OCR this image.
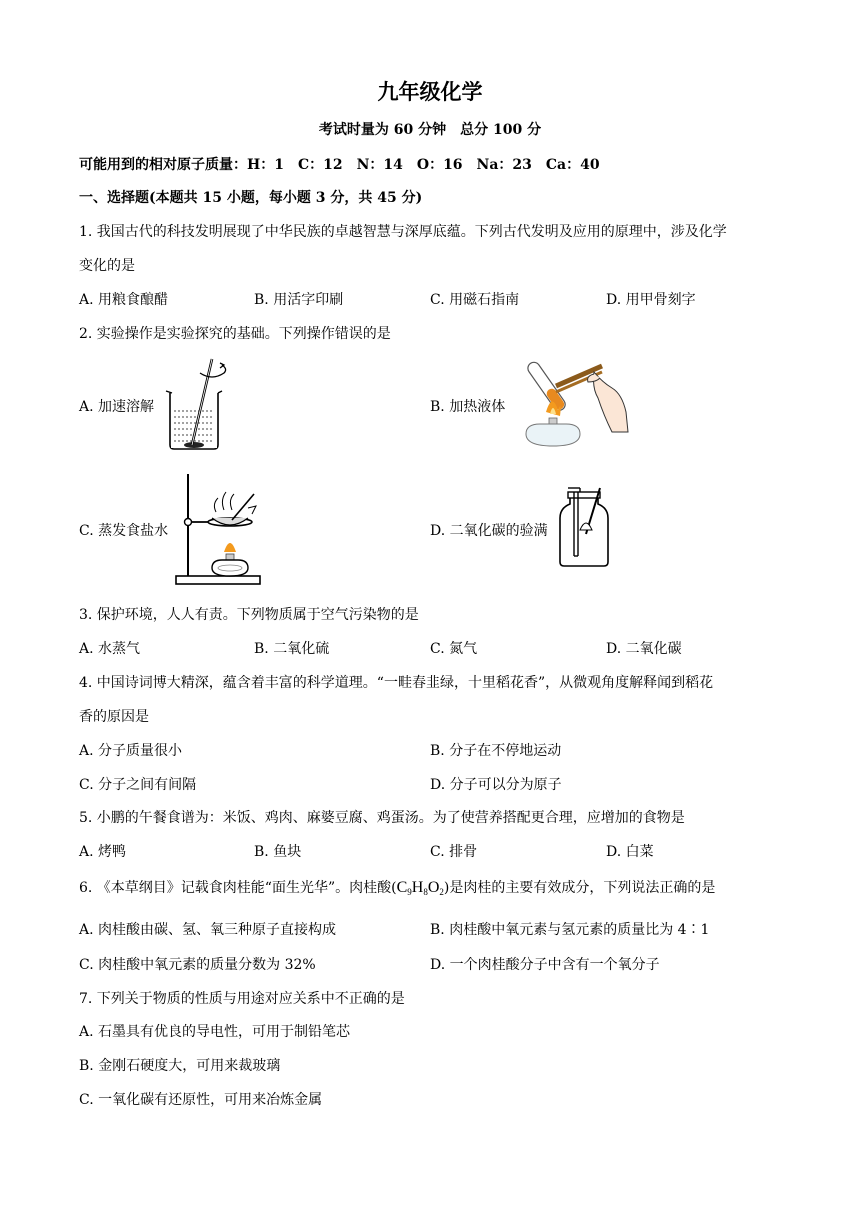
九年级化学
考试时量为 60 分钟　总分 100 分
可能用到的相对原子质量：H：1　C：12　N：14　O：16　Na：23　Ca：40
一、选择题(本题共 15 小题，每小题 3 分，共 45 分)
1. 我国古代的科技发明展现了中华民族的卓越智慧与深厚底蕴。下列古代发明及应用的原理中，涉及化学
变化的是
A. 用粮食酿醋	B. 用活字印刷	C. 用磁石指南	D. 用甲骨刻字
2. 实验操作是实验探究的基础。下列操作错误的是
A. 加速溶解	B. 加热液体
C. 蒸发食盐水	D. 二氧化碳的验满
3. 保护环境，人人有责。下列物质属于空气污染物的是
A. 水蒸气	B. 二氧化硫	C. 氮气	D. 二氧化碳
4. 中国诗词博大精深，蕴含着丰富的科学道理。“一畦春韭绿，十里稻花香”，从微观角度解释闻到稻花
香的原因是
A. 分子质量很小	B. 分子在不停地运动
C. 分子之间有间隔	D. 分子可以分为原子
5. 小鹏的午餐食谱为：米饭、鸡肉、麻婆豆腐、鸡蛋汤。为了使营养搭配更合理，应增加的食物是
A. 烤鸭	B. 鱼块	C. 排骨	D. 白菜
6. 《本草纲目》记载食肉桂能“面生光华”。肉桂酸$(C_9H_8O_2)$是肉桂的主要有效成分，下列说法正确的是
A. 肉桂酸由碳、氢、氧三种原子直接构成	B. 肉桂酸中氧元素与氢元素的质量比为 4∶1
C. 肉桂酸中氧元素的质量分数为 32%	D. 一个肉桂酸分子中含有一个氧分子
7. 下列关于物质的性质与用途对应关系中不正确的是
A. 石墨具有优良的导电性，可用于制铅笔芯
B. 金刚石硬度大，可用来裁玻璃
C. 一氧化碳有还原性，可用来冶炼金属
